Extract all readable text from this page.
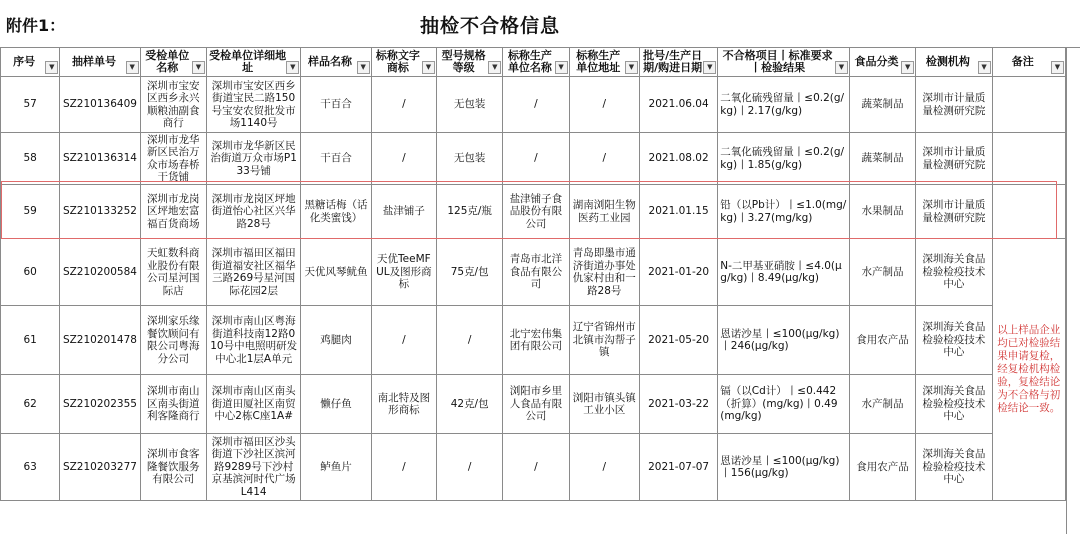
附件1：	抽检不合格信息
序号 ▼	抽样单号 ▼	受检单位名称 ▼	受检单位详细地址 ▼	样品名称 ▼	标称文字商标 ▼	型号规格等级 ▼	标称生产单位名称 ▼	标称生产单位地址 ▼	批号/生产日期/购进日期 ▼	不合格项目丨标准要求丨检验结果 ▼	食品分类 ▼	检测机构 ▼	备注 ▼

57	SZ210136409	深圳市宝安区西乡永兴顺粮油副食商行	深圳市宝安区西乡街道宝民二路150号宝安农贸批发市场1140号	干百合	/	无包装	/	/	2021.06.04	二氧化硫残留量丨≤0.2(g/kg)丨2.17(g/kg)	蔬菜制品	深圳市计量质量检测研究院	
58	SZ210136314	深圳市龙华新区民治万众市场春桥干货铺	深圳市龙华新区民治街道万众市场P133号铺	干百合	/	无包装	/	/	2021.08.02	二氧化硫残留量丨≤0.2(g/kg)丨1.85(g/kg)	蔬菜制品	深圳市计量质量检测研究院	
59	SZ210133252	深圳市龙岗区坪地宏富福百货商场	深圳市龙岗区坪地街道怡心社区兴华路28号	黑糖话梅（话化类蜜饯）	盐津铺子	125克/瓶	盐津铺子食品股份有限公司	湖南浏阳生物医药工业园	2021.01.15	铅（以Pb计）丨≤1.0(mg/kg)丨3.27(mg/kg)	水果制品	深圳市计量质量检测研究院	
60	SZ210200584	天虹数科商业股份有限公司星河国际店	深圳市福田区福田街道福安社区福华三路269号星河国际花园2层	天优风琴鱿鱼	天优TeeMFUL及图形商标	75克/包	青岛市北洋食品有限公司	青岛即墨市通济街道办事处仇家村由和一路28号	2021-01-20	N-二甲基亚硝胺丨≤4.0(μg/kg)丨8.49(μg/kg)	水产制品	深圳海关食品检验检疫技术中心	以上样品企业均已对检验结果申请复检，经复检机构检验，复检结论为不合格与初检结论一致。
61	SZ210201478	深圳家乐缘餐饮顾问有限公司粤海分公司	深圳市南山区粤海街道科技南12路010号中电照明研发中心北1层A单元	鸡腿肉	/	/	北宁宏伟集团有限公司	辽宁省锦州市北镇市沟帮子镇	2021-05-20	恩诺沙星丨≤100(μg/kg)丨246(μg/kg)	食用农产品	深圳海关食品检验检疫技术中心	
62	SZ210202355	深圳市南山区南头街道利客隆商行	深圳市南山区南头街道田厦社区南贸中心2栋C座1A#	懒仔鱼	南北特及图形商标	42克/包	浏阳市乡里人食品有限公司	浏阳市镇头镇工业小区	2021-03-22	镉（以Cd计）丨≤0.442（折算）(mg/kg)丨0.49(mg/kg)	水产制品	深圳海关食品检验检疫技术中心	
63	SZ210203277	深圳市食客隆餐饮服务有限公司	深圳市福田区沙头街道下沙社区滨河路9289号下沙村京基滨河时代广场L414	鲈鱼片	/	/	/	/	2021-07-07	恩诺沙星丨≤100(μg/kg)丨156(μg/kg)	食用农产品	深圳海关食品检验检疫技术中心	
